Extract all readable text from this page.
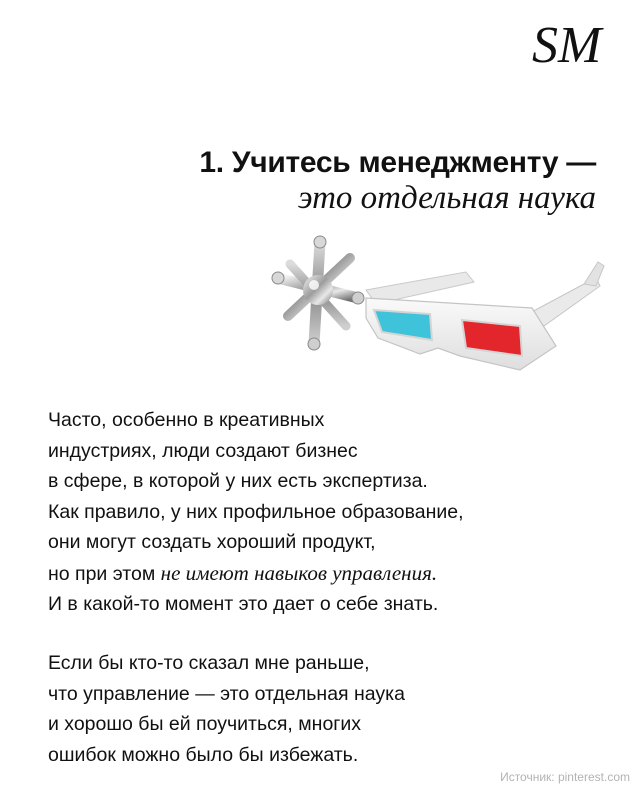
SM
1. Учитесь менеджменту —
это отдельная наука
Часто, особенно в креативных
индустриях, люди создают бизнес
в сфере, в которой у них есть экспертиза.
Как правило, у них профильное образование,
они могут создать хороший продукт,
но при этом не имеют навыков управления.
И в какой-то момент это дает о себе знать.
Если бы кто-то сказал мне раньше,
что управление — это отдельная наука
и хорошо бы ей поучиться, многих
ошибок можно было бы избежать.
Источник: pinterest.com
